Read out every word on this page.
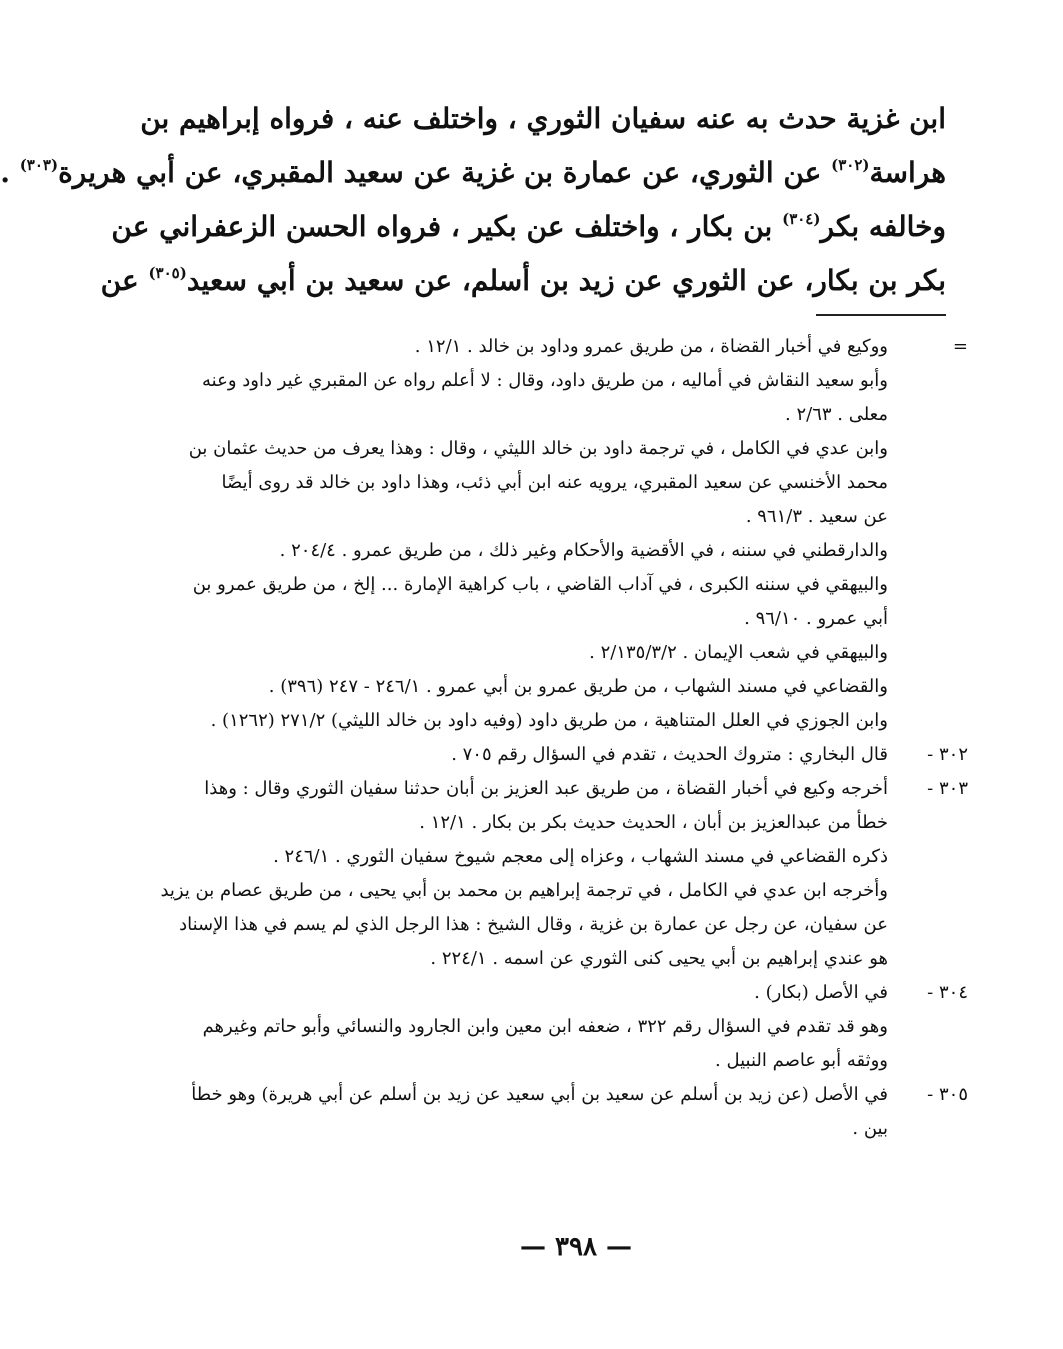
ابن غزية حدث به عنه سفيان الثوري ، واختلف عنه ، فرواه إبراهيم بن
هراسة$^{(٣٠٢)}$ عن الثوري، عن عمارة بن غزية عن سعيد المقبري، عن أبي هريرة$^{(٣٠٣)}$ .
وخالفه بكر$^{(٣٠٤)}$ بن بكار ، واختلف عن بكير ، فرواه الحسن الزعفراني عن
بكر بن بكار، عن الثوري عن زيد بن أسلم، عن سعيد بن أبي سعيد$^{(٣٠٥)}$ عن
=
ووكيع في أخبار القضاة ، من طريق عمرو وداود بن خالد . ١٢/١ .
وأبو سعيد النقاش في أماليه ، من طريق داود، وقال : لا أعلم رواه عن المقبري غير داود وعنه
معلى . ٢/٦٣ .
وابن عدي في الكامل ، في ترجمة داود بن خالد الليثي ، وقال : وهذا يعرف من حديث عثمان بن
محمد الأخنسي عن سعيد المقبري، يرويه عنه ابن أبي ذئب، وهذا داود بن خالد قد روى أيضًا
عن سعيد . ٩٦١/٣ .
والدارقطني في سننه ، في الأقضية والأحكام وغير ذلك ، من طريق عمرو . ٢٠٤/٤ .
والبيهقي في سننه الكبرى ، في آداب القاضي ، باب كراهية الإمارة ... إلخ ، من طريق عمرو بن
أبي عمرو . ٩٦/١٠ .
والبيهقي في شعب الإيمان . ٢/١٣٥/٣/٢ .
والقضاعي في مسند الشهاب ، من طريق عمرو بن أبي عمرو . ٢٤٦/١ - ٢٤٧ (٣٩٦) .
وابن الجوزي في العلل المتناهية ، من طريق داود (وفيه داود بن خالد الليثي) ٢٧١/٢ (١٢٦٢) .
٣٠٢ -
قال البخاري : متروك الحديث ، تقدم في السؤال رقم ٧٠٥ .
٣٠٣ -
أخرجه وكيع في أخبار القضاة ، من طريق عبد العزيز بن أبان حدثنا سفيان الثوري وقال : وهذا
خطأ من عبدالعزيز بن أبان ، الحديث حديث بكر بن بكار . ١٢/١ .
ذكره القضاعي في مسند الشهاب ، وعزاه إلى معجم شيوخ سفيان الثوري . ٢٤٦/١ .
وأخرجه ابن عدي في الكامل ، في ترجمة إبراهيم بن محمد بن أبي يحيى ، من طريق عصام بن يزيد
عن سفيان، عن رجل عن عمارة بن غزية ، وقال الشيخ : هذا الرجل الذي لم يسم في هذا الإسناد
هو عندي إبراهيم بن أبي يحيى كنى الثوري عن اسمه . ٢٢٤/١ .
٣٠٤ -
في الأصل (بكار) .
وهو قد تقدم في السؤال رقم ٣٢٢ ، ضعفه ابن معين وابن الجارود والنسائي وأبو حاتم وغيرهم
ووثقه أبو عاصم النبيل .
٣٠٥ -
في الأصل (عن زيد بن أسلم عن سعيد بن أبي سعيد عن زيد بن أسلم عن أبي هريرة) وهو خطأ
بين .
— ٣٩٨ —
